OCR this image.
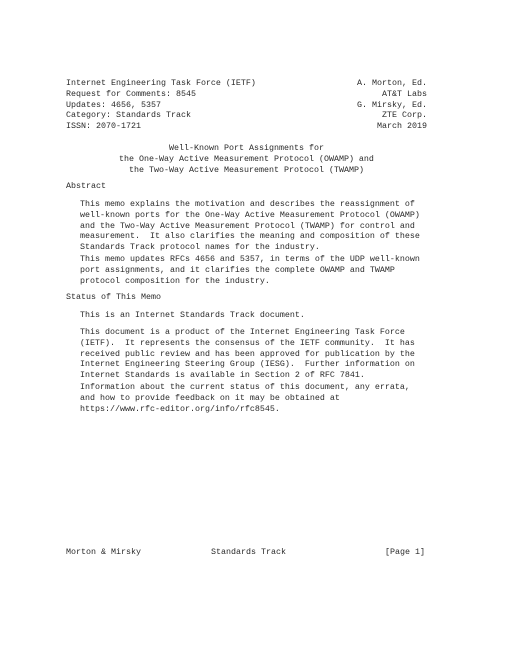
Internet Engineering Task Force (IETF)	A. Morton, Ed.
Request for Comments: 8545	AT&T Labs
Updates: 4656, 5357	G. Mirsky, Ed.
Category: Standards Track	ZTE Corp.
ISSN: 2070-1721	March 2019
Well-Known Port Assignments for
the One-Way Active Measurement Protocol (OWAMP) and
the Two-Way Active Measurement Protocol (TWAMP)
Abstract
This memo explains the motivation and describes the reassignment of
well-known ports for the One-Way Active Measurement Protocol (OWAMP)
and the Two-Way Active Measurement Protocol (TWAMP) for control and
measurement.  It also clarifies the meaning and composition of these
Standards Track protocol names for the industry.
This memo updates RFCs 4656 and 5357, in terms of the UDP well-known
port assignments, and it clarifies the complete OWAMP and TWAMP
protocol composition for the industry.
Status of This Memo
This is an Internet Standards Track document.
This document is a product of the Internet Engineering Task Force
(IETF).  It represents the consensus of the IETF community.  It has
received public review and has been approved for publication by the
Internet Engineering Steering Group (IESG).  Further information on
Internet Standards is available in Section 2 of RFC 7841.
Information about the current status of this document, any errata,
and how to provide feedback on it may be obtained at
https://www.rfc-editor.org/info/rfc8545.
Morton & Mirsky	Standards Track	[Page 1]
